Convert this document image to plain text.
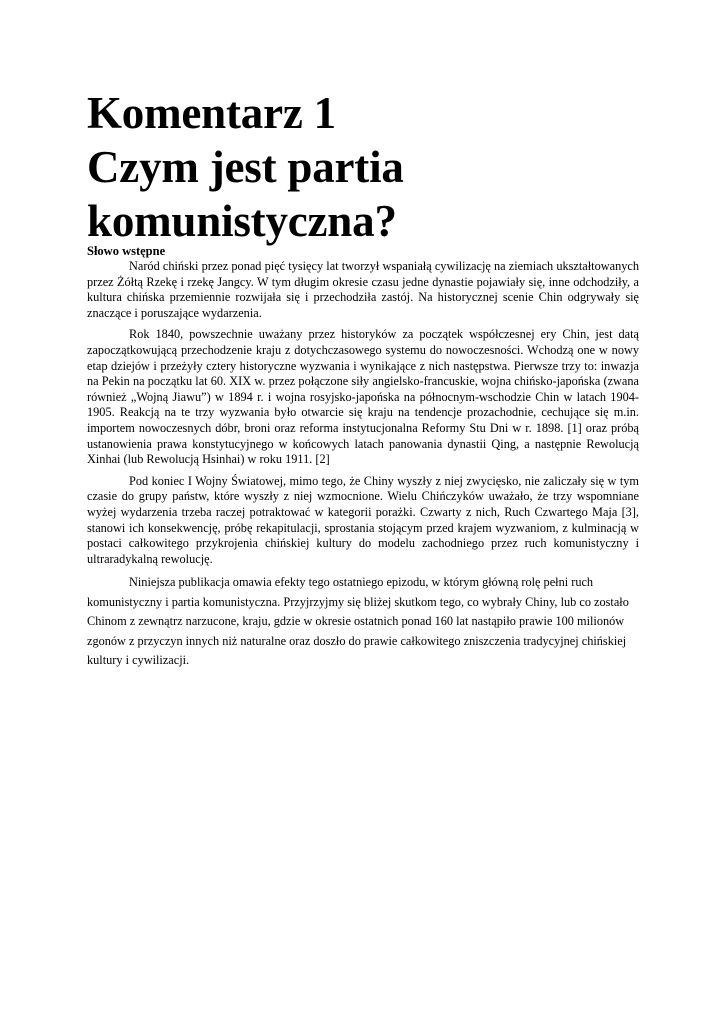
Komentarz 1
Czym jest partia
komunistyczna?
Słowo wstępne

Naród chiński przez ponad pięć tysięcy lat tworzył wspaniałą cywilizację na ziemiach ukształtowanych przez Żółtą Rzekę i rzekę Jangcy. W tym długim okresie czasu jedne dynastie pojawiały się, inne odchodziły, a kultura chińska przemiennie rozwijała się i przechodziła zastój. Na historycznej scenie Chin odgrywały się znaczące i poruszające wydarzenia.

Rok 1840, powszechnie uważany przez historyków za początek współczesnej ery Chin, jest datą zapoczątkowującą przechodzenie kraju z dotychczasowego systemu do nowoczesności. Wchodzą one w nowy etap dziejów i przeżyły cztery historyczne wyzwania i wynikające z nich następstwa. Pierwsze trzy to: inwazja na Pekin na początku lat 60. XIX w. przez połączone siły angielsko-francuskie, wojna chińsko-japońska (zwana również „Wojną Jiawu”) w 1894 r. i wojna rosyjsko-japońska na północnym-wschodzie Chin w latach 1904-1905. Reakcją na te trzy wyzwania było otwarcie się kraju na tendencje prozachodnie, cechujące się m.in. importem nowoczesnych dóbr, broni oraz reforma instytucjonalna Reformy Stu Dni w r. 1898. [1] oraz próbą ustanowienia prawa konstytucyjnego w końcowych latach panowania dynastii Qing, a następnie Rewolucją Xinhai (lub Rewolucją Hsinhai) w roku 1911. [2]

Pod koniec I Wojny Światowej, mimo tego, że Chiny wyszły z niej zwycięsko, nie zaliczały się w tym czasie do grupy państw, które wyszły z niej wzmocnione. Wielu Chińczyków uważało, że trzy wspomniane wyżej wydarzenia trzeba raczej potraktować w kategorii porażki. Czwarty z nich, Ruch Czwartego Maja [3], stanowi ich konsekwencję, próbę rekapitulacji, sprostania stojącym przed krajem wyzwaniom, z kulminacją w postaci całkowitego przykrojenia chińskiej kultury do modelu zachodniego przez ruch komunistyczny i ultraradykalną rewolucję.

Niniejsza publikacja omawia efekty tego ostatniego epizodu, w którym główną rolę pełni ruch komunistyczny i partia komunistyczna. Przyjrzyjmy się bliżej skutkom tego, co wybrały Chiny, lub co zostało Chinom z zewnątrz narzucone, kraju, gdzie w okresie ostatnich ponad 160 lat nastąpiło prawie 100 milionów zgonów z przyczyn innych niż naturalne oraz doszło do prawie całkowitego zniszczenia tradycyjnej chińskiej kultury i cywilizacji.
